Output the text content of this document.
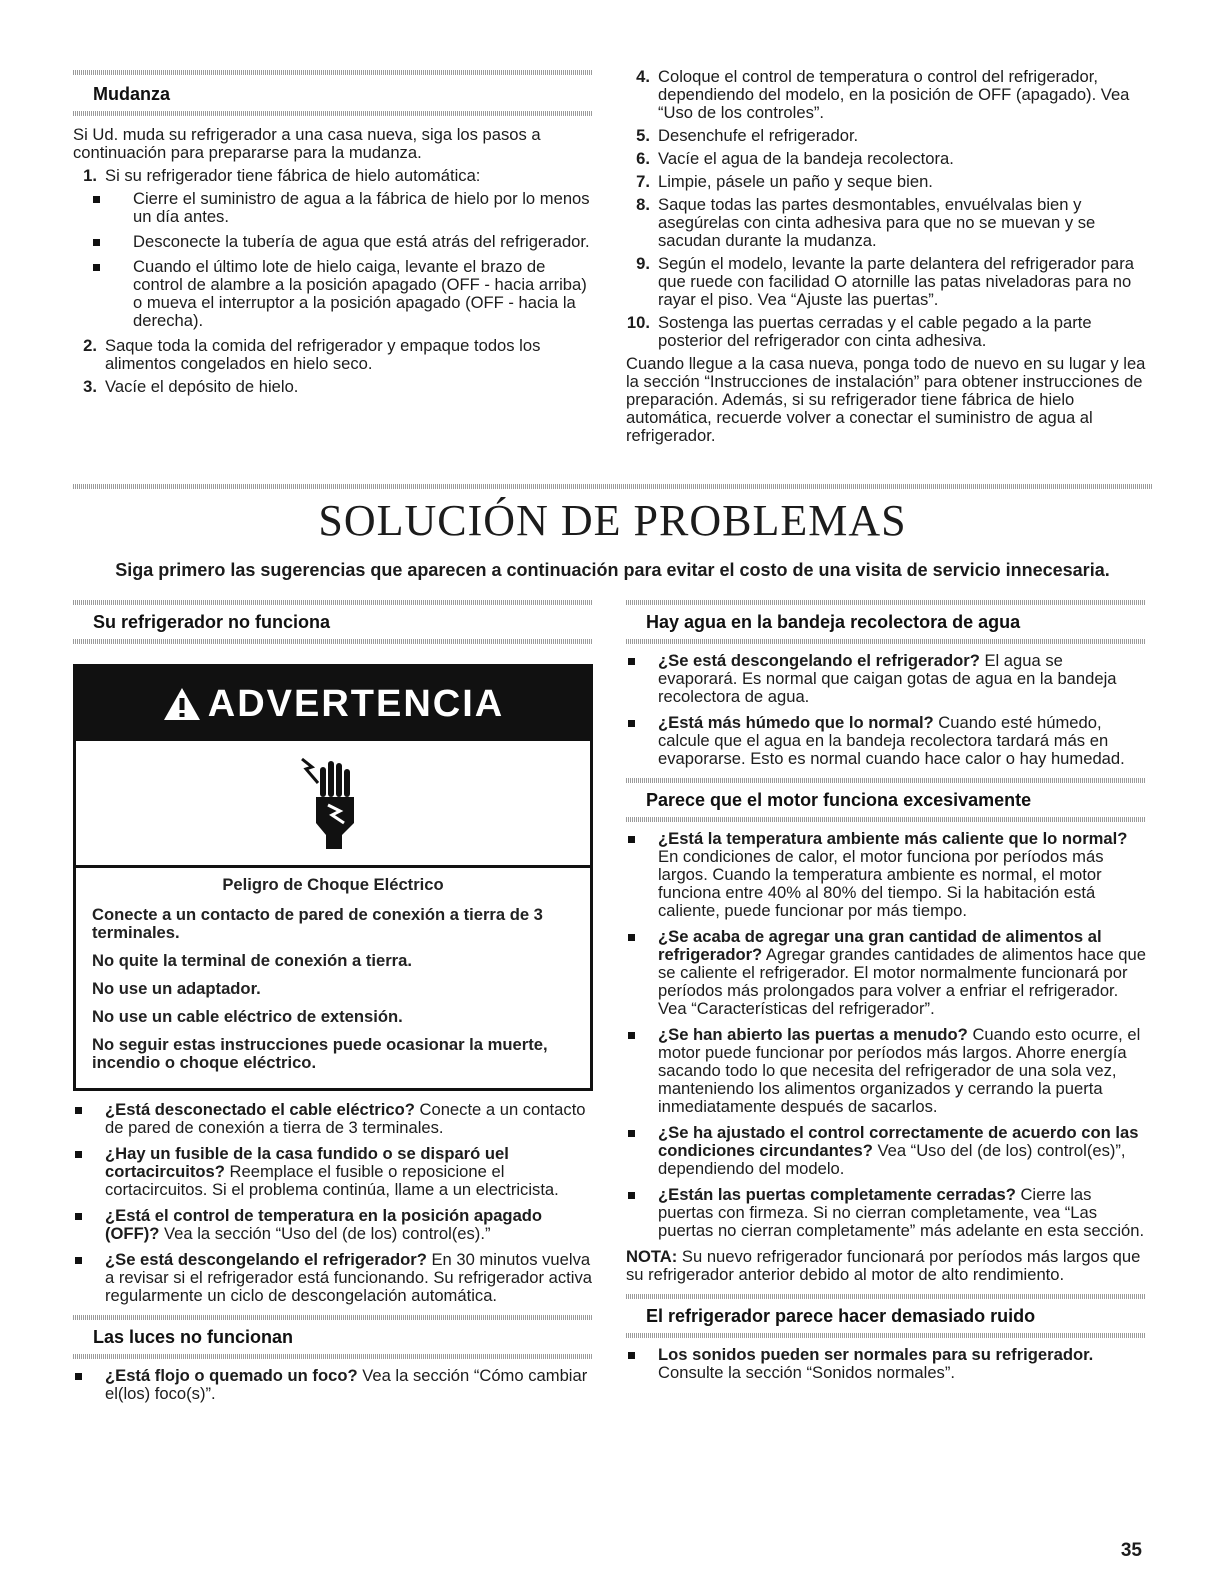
Mudanza

Si Ud. muda su refrigerador a una casa nueva, siga los pasos a continuación para prepararse para la mudanza.

1. Si su refrigerador tiene fábrica de hielo automática:
Cierre el suministro de agua a la fábrica de hielo por lo menos un día antes.
Desconecte la tubería de agua que está atrás del refrigerador.
Cuando el último lote de hielo caiga, levante el brazo de control de alambre a la posición apagado (OFF - hacia arriba) o mueva el interruptor a la posición apagado (OFF - hacia la derecha).
2. Saque toda la comida del refrigerador y empaque todos los alimentos congelados en hielo seco.
3. Vacíe el depósito de hielo.
4. Coloque el control de temperatura o control del refrigerador, dependiendo del modelo, en la posición de OFF (apagado). Vea “Uso de los controles”.
5. Desenchufe el refrigerador.
6. Vacíe el agua de la bandeja recolectora.
7. Limpie, pásele un paño y seque bien.
8. Saque todas las partes desmontables, envuélvalas bien y asegúrelas con cinta adhesiva para que no se muevan y se sacudan durante la mudanza.
9. Según el modelo, levante la parte delantera del refrigerador para que ruede con facilidad O atornille las patas niveladoras para no rayar el piso. Vea “Ajuste las puertas”.
10. Sostenga las puertas cerradas y el cable pegado a la parte posterior del refrigerador con cinta adhesiva.

Cuando llegue a la casa nueva, ponga todo de nuevo en su lugar y lea la sección “Instrucciones de instalación” para obtener instrucciones de preparación. Además, si su refrigerador tiene fábrica de hielo automática, recuerde volver a conectar el suministro de agua al refrigerador.

SOLUCIÓN DE PROBLEMAS
Siga primero las sugerencias que aparecen a continuación para evitar el costo de una visita de servicio innecesaria.
Su refrigerador no funciona
ADVERTENCIA

Peligro de Choque Eléctrico

Conecte a un contacto de pared de conexión a tierra de 3 terminales.

No quite la terminal de conexión a tierra.

No use un adaptador.

No use un cable eléctrico de extensión.

No seguir estas instrucciones puede ocasionar la muerte, incendio o choque eléctrico.

¿Está desconectado el cable eléctrico? Conecte a un contacto de pared de conexión a tierra de 3 terminales.
¿Hay un fusible de la casa fundido o se disparó uel cortacircuitos? Reemplace el fusible o reposicione el cortacircuitos. Si el problema continúa, llame a un electricista.
¿Está el control de temperatura en la posición apagado (OFF)? Vea la sección “Uso del (de los) control(es).”
¿Se está descongelando el refrigerador? En 30 minutos vuelva a revisar si el refrigerador está funcionando. Su refrigerador activa regularmente un ciclo de descongelación automática.
Las luces no funcionan
¿Está flojo o quemado un foco? Vea la sección “Cómo cambiar el(los) foco(s)”.
Hay agua en la bandeja recolectora de agua
¿Se está descongelando el refrigerador? El agua se evaporará. Es normal que caigan gotas de agua en la bandeja recolectora de agua.
¿Está más húmedo que lo normal? Cuando esté húmedo, calcule que el agua en la bandeja recolectora tardará más en evaporarse. Esto es normal cuando hace calor o hay humedad.
Parece que el motor funciona excesivamente
¿Está la temperatura ambiente más caliente que lo normal? En condiciones de calor, el motor funciona por períodos más largos. Cuando la temperatura ambiente es normal, el motor funciona entre 40% al 80% del tiempo. Si la habitación está caliente, puede funcionar por más tiempo.
¿Se acaba de agregar una gran cantidad de alimentos al refrigerador? Agregar grandes cantidades de alimentos hace que se caliente el refrigerador. El motor normalmente funcionará por períodos más prolongados para volver a enfriar el refrigerador. Vea “Características del refrigerador”.
¿Se han abierto las puertas a menudo? Cuando esto ocurre, el motor puede funcionar por períodos más largos. Ahorre energía sacando todo lo que necesita del refrigerador de una sola vez, manteniendo los alimentos organizados y cerrando la puerta inmediatamente después de sacarlos.
¿Se ha ajustado el control correctamente de acuerdo con las condiciones circundantes? Vea “Uso del (de los) control(es)”, dependiendo del modelo.
¿Están las puertas completamente cerradas? Cierre las puertas con firmeza. Si no cierran completamente, vea “Las puertas no cierran completamente” más adelante en esta sección.

NOTA: Su nuevo refrigerador funcionará por períodos más largos que su refrigerador anterior debido al motor de alto rendimiento.

El refrigerador parece hacer demasiado ruido
Los sonidos pueden ser normales para su refrigerador. Consulte la sección “Sonidos normales”.
35
